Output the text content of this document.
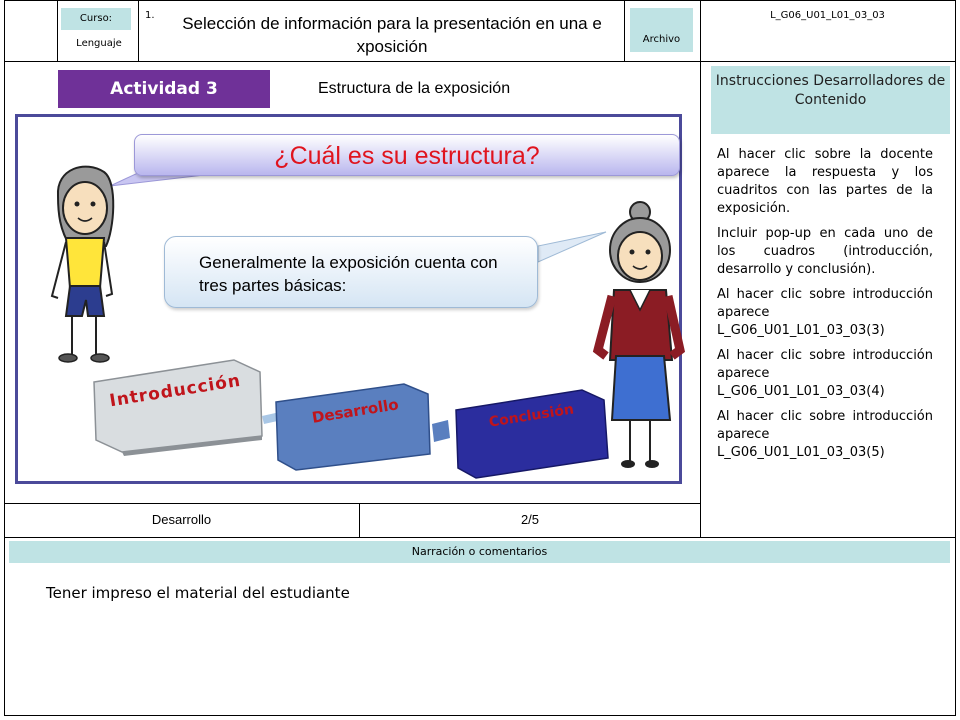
Curso:
Lenguaje
1. Selección de información para la presentación en una exposición	Archivo
L_G06_U01_L01_03_03
Actividad 3	Estructura de la exposición
Introducción	Desarrollo	Conclusión
¿Cuál es su estructura?
Generalmente la exposición cuenta con tres partes básicas:
Instrucciones Desarrolladores de Contenido

Al hacer clic sobre la docente aparece la respuesta y los cuadritos con las partes de la exposición.

Incluir pop-up en cada uno de los cuadros (introducción, desarrollo y conclusión).

Al hacer clic sobre introducción aparece L_G06_U01_L01_03_03(3)

Al hacer clic sobre introducción aparece L_G06_U01_L01_03_03(4)

Al hacer clic sobre introducción aparece L_G06_U01_L01_03_03(5)

Desarrollo	2/5
Narración o comentarios
Tener impreso el material del estudiante
